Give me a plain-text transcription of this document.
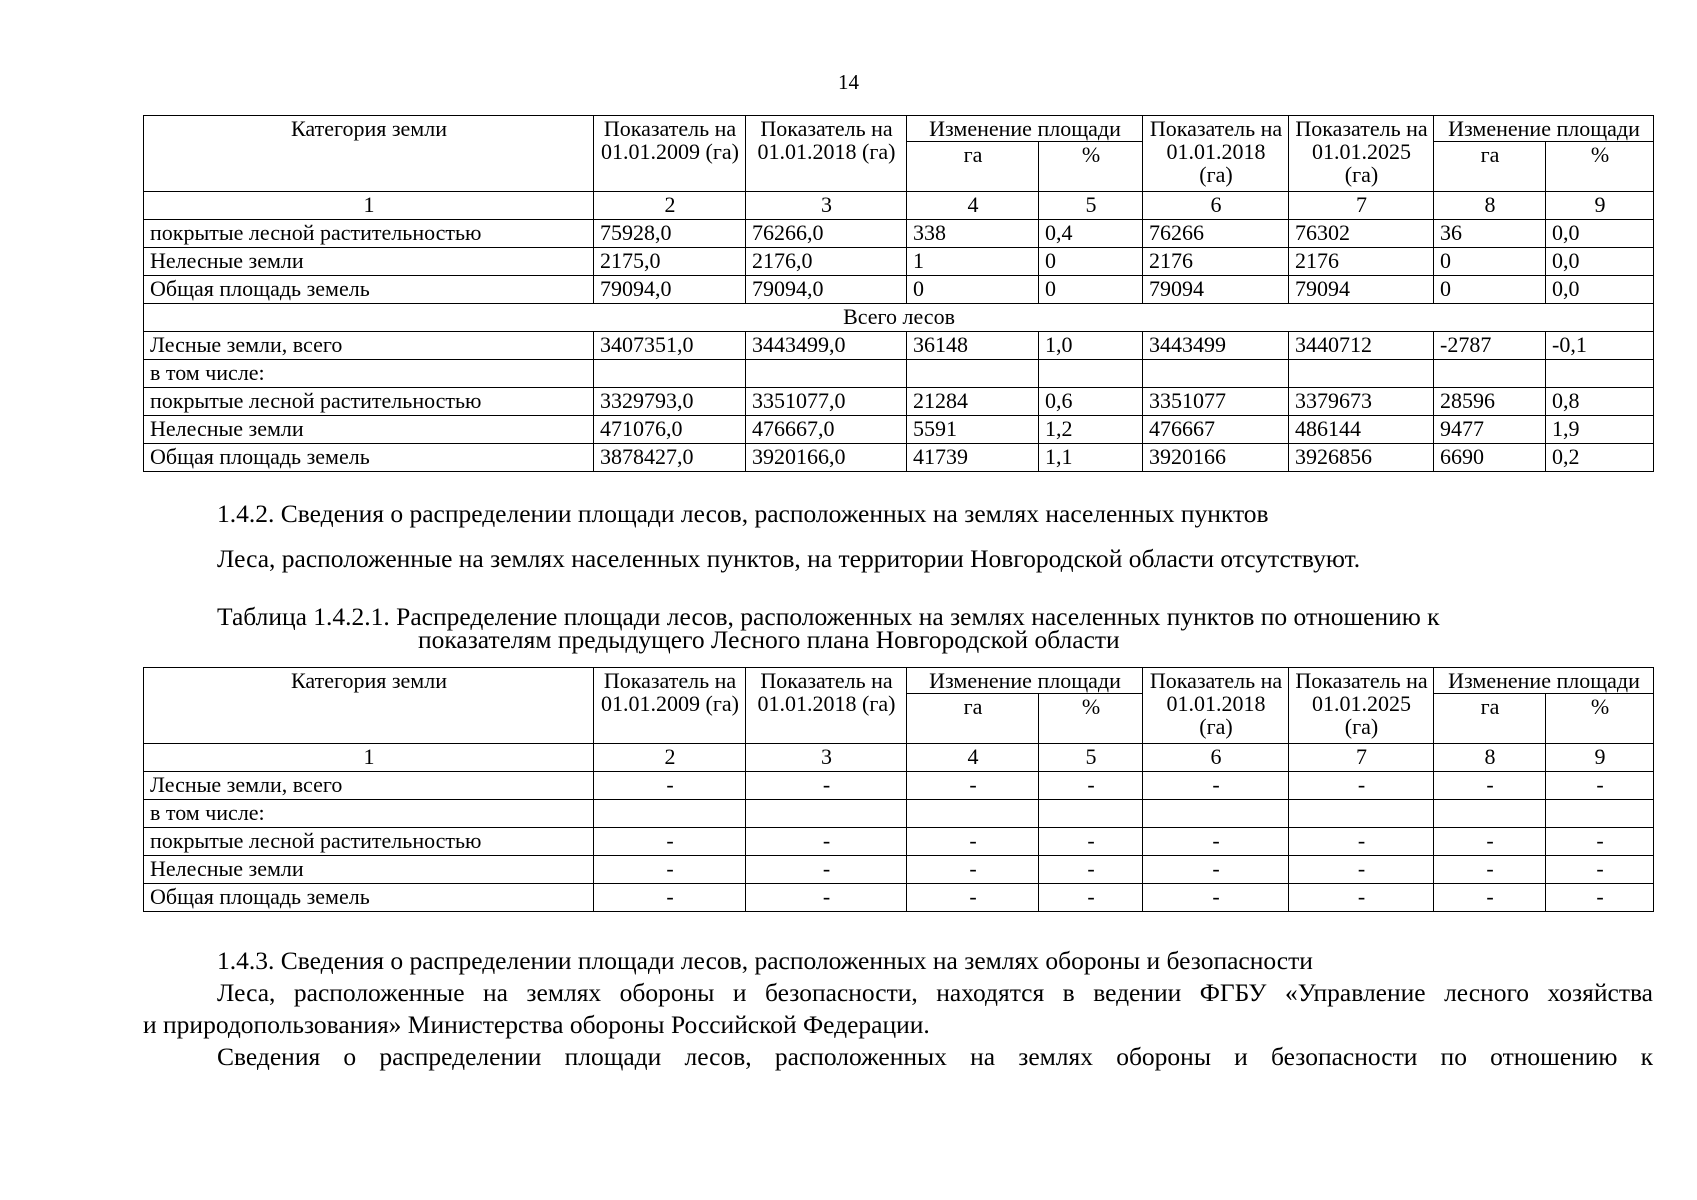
14
Категория земли	Показатель на 01.01.2009 (га)	Показатель на 01.01.2018 (га)	Изменение площади		Показатель на 01.01.2018 (га)	Показатель на 01.01.2025 (га)	Изменение площади	
			га	%			га	%
1	2	3	4	5	6	7	8	9
покрытые лесной растительностью	75928,0	76266,0	338	0,4	76266	76302	36	0,0
Нелесные земли	2175,0	2176,0	1	0	2176	2176	0	0,0
Общая площадь земель	79094,0	79094,0	0	0	79094	79094	0	0,0
Всего лесов								
Лесные земли, всего	3407351,0	3443499,0	36148	1,0	3443499	3440712	-2787	-0,1
в том числе:								
покрытые лесной растительностью	3329793,0	3351077,0	21284	0,6	3351077	3379673	28596	0,8
Нелесные земли	471076,0	476667,0	5591	1,2	476667	486144	9477	1,9
Общая площадь земель	3878427,0	3920166,0	41739	1,1	3920166	3926856	6690	0,2
1.4.2. Сведения о распределении площади лесов, расположенных на землях населенных пунктов
Леса, расположенные на землях населенных пунктов, на территории Новгородской области отсутствуют.
Таблица 1.4.2.1. Распределение площади лесов, расположенных на землях населенных пунктов по отношению к
показателям предыдущего Лесного плана Новгородской области
Категория земли	Показатель на 01.01.2009 (га)	Показатель на 01.01.2018 (га)	Изменение площади		Показатель на 01.01.2018 (га)	Показатель на 01.01.2025 (га)	Изменение площади	
			га	%			га	%
1	2	3	4	5	6	7	8	9
Лесные земли, всего	-	-	-	-	-	-	-	-
в том числе:								
покрытые лесной растительностью	-	-	-	-	-	-	-	-
Нелесные земли	-	-	-	-	-	-	-	-
Общая площадь земель	-	-	-	-	-	-	-	-
1.4.3. Сведения о распределении площади лесов, расположенных на землях обороны и безопасности
Леса, расположенные на землях обороны и безопасности, находятся в ведении ФГБУ «Управление лесного хозяйства
и природопользования» Министерства обороны Российской Федерации.
Сведения о распределении площади лесов, расположенных на землях обороны и безопасности по отношению к
